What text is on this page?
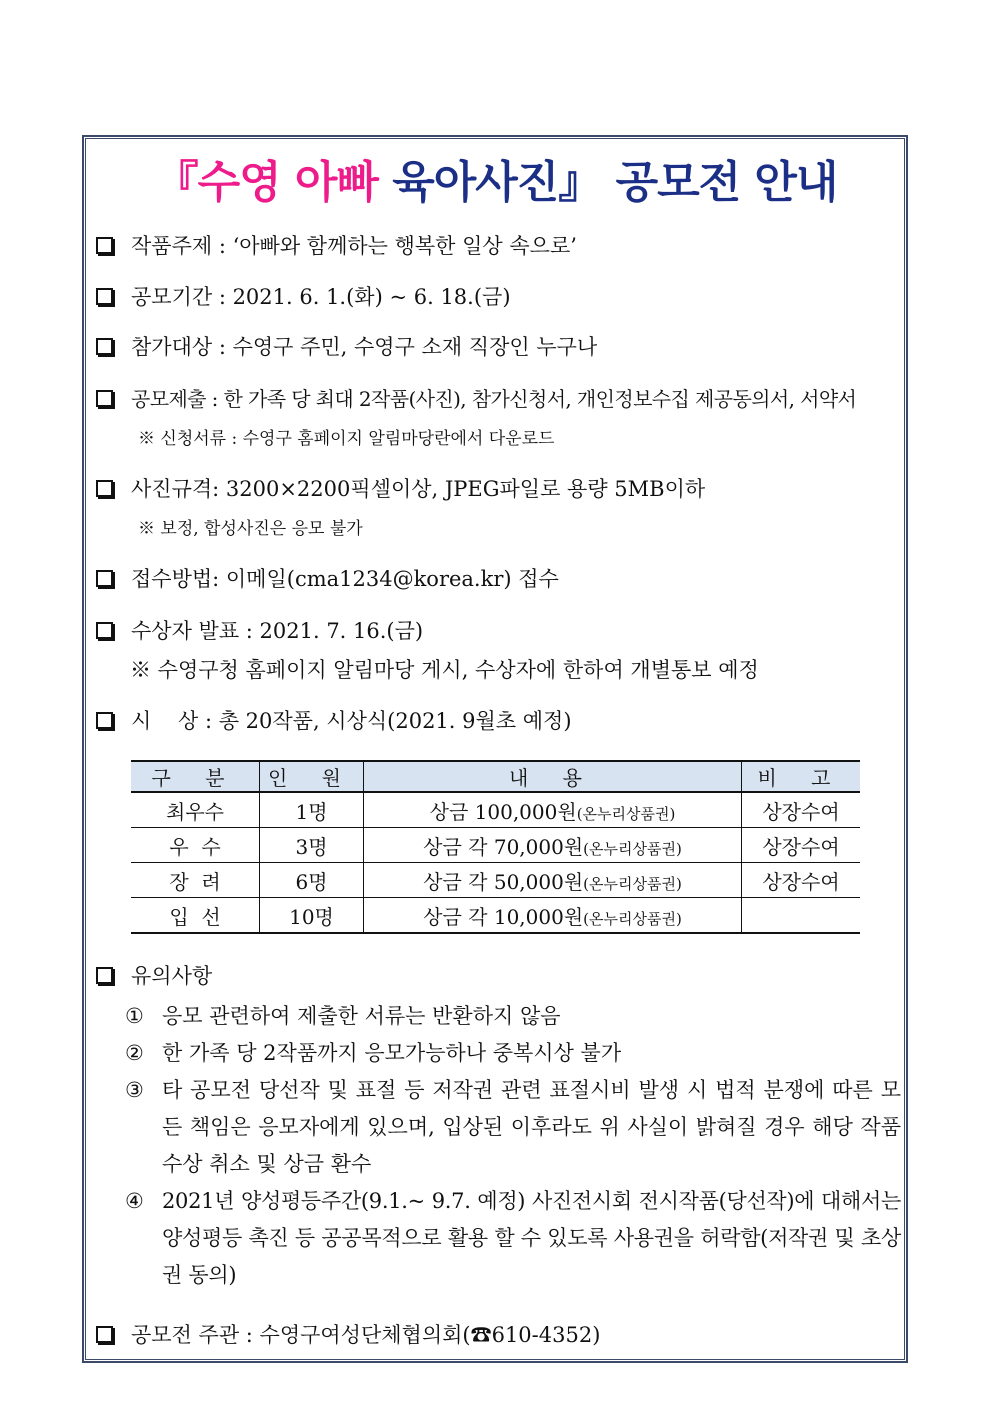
『수영 아빠 육아사진』 공모전 안내
작품주제 : ‘아빠와 함께하는 행복한 일상 속으로’
공모기간 : 2021. 6. 1.(화) ~ 6. 18.(금)
참가대상 : 수영구 주민, 수영구 소재 직장인 누구나
공모제출 : 한 가족 당 최대 2작품(사진), 참가신청서, 개인정보수집 제공동의서, 서약서
※ 신청서류 : 수영구 홈페이지 알림마당란에서 다운로드
사진규격: 3200×2200픽셀이상, JPEG파일로 용량 5MB이하
※ 보정, 합성사진은 응모 불가
접수방법: 이메일(cma1234@korea.kr) 접수
수상자 발표 : 2021. 7. 16.(금)
※ 수영구청 홈페이지 알림마당 게시, 수상자에 한하여 개별통보 예정
시    상 : 총 20작품, 시상식(2021. 9월초 예정)
구 분	인 원	내 용	비 고
최우수	1명	상금 100,000원(온누리상품권)	상장수여
우  수	3명	상금 각 70,000원(온누리상품권)	상장수여
장  려	6명	상금 각 50,000원(온누리상품권)	상장수여
입  선	10명	상금 각 10,000원(온누리상품권)	
유의사항
① 응모 관련하여 제출한 서류는 반환하지 않음
② 한 가족 당 2작품까지 응모가능하나 중복시상 불가
③ 타 공모전 당선작 및 표절 등 저작권 관련 표절시비 발생 시 법적 분쟁에 따른 모든 책임은 응모자에게 있으며, 입상된 이후라도 위 사실이 밝혀질 경우 해당 작품 수상 취소 및 상금 환수
④ 2021년 양성평등주간(9.1.~ 9.7. 예정) 사진전시회 전시작품(당선작)에 대해서는 양성평등 촉진 등 공공목적으로 활용 할 수 있도록 사용권을 허락함(저작권 및 초상권 동의)
공모전 주관 : 수영구여성단체협의회(☎610-4352)
